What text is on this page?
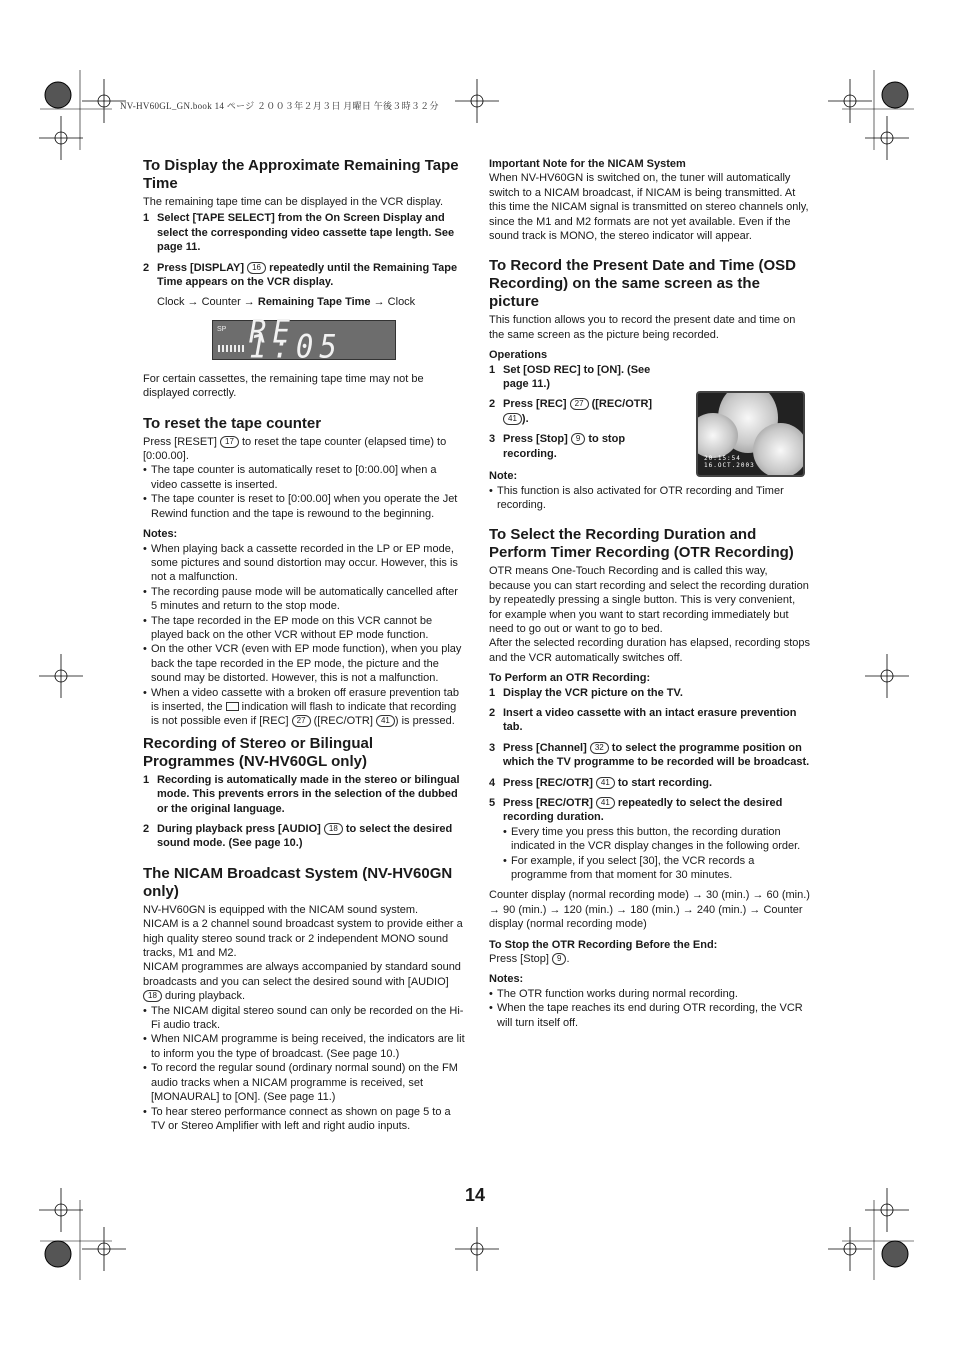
NV-HV60GL_GN.book 14 ページ ２００３年２月３日 月曜日 午後３時３２分
To Display the Approximate Remaining Tape Time

The remaining tape time can be displayed in the VCR display.

1 Select [TAPE SELECT] from the On Screen Display and select the corresponding video cassette tape length. See page 11.
2 Press [DISPLAY] 16 repeatedly until the Remaining Tape Time appears on the VCR display.
Clock → Counter → Remaining Tape Time → Clock
SP RE 1:05

For certain cassettes, the remaining tape time may not be displayed correctly.

To reset the tape counter

Press [RESET] 17 to reset the tape counter (elapsed time) to [0:00.00].

• The tape counter is automatically reset to [0:00.00] when a video cassette is inserted.
• The tape counter is reset to [0:00.00] when you operate the Jet Rewind function and the tape is rewound to the beginning.
Notes:
• When playing back a cassette recorded in the LP or EP mode, some pictures and sound distortion may occur. However, this is not a malfunction.
• The recording pause mode will be automatically cancelled after 5 minutes and return to the stop mode.
• The tape recorded in the EP mode on this VCR cannot be played back on the other VCR without EP mode function.
• On the other VCR (even with EP mode function), when you play back the tape recorded in the EP mode, the picture and the sound may be distorted. However, this is not a malfunction.
• When a video cassette with a broken off erasure prevention tab is inserted, the indication will flash to indicate that recording is not possible even if [REC] 27 ([REC/OTR] 41 ) is pressed.
Recording of Stereo or Bilingual Programmes (NV-HV60GL only)
1 Recording is automatically made in the stereo or bilingual mode. This prevents errors in the selection of the dubbed or the original language.
2 During playback press [AUDIO] 18 to select the desired sound mode. (See page 10.)
The NICAM Broadcast System (NV-HV60GN only)

NV-HV60GN is equipped with the NICAM sound system.

NICAM is a 2 channel sound broadcast system to provide either a high quality stereo sound track or 2 independent MONO sound tracks, M1 and M2.

NICAM programmes are always accompanied by standard sound broadcasts and you can select the desired sound with [AUDIO] 18 during playback.

• The NICAM digital stereo sound can only be recorded on the Hi-Fi audio track.
• When NICAM programme is being received, the indicators are lit to inform you the type of broadcast. (See page 10.)
• To record the regular sound (ordinary normal sound) on the FM audio tracks when a NICAM programme is received, set [MONAURAL] to [ON]. (See page 11.)
• To hear stereo performance connect as shown on page 5 to a TV or Stereo Amplifier with left and right audio inputs.
Important Note for the NICAM System

When NV-HV60GN is switched on, the tuner will automatically switch to a NICAM broadcast, if NICAM is being transmitted. At this time the NICAM signal is transmitted on stereo channels only, since the M1 and M2 formats are not yet available. Even if the sound track is MONO, the stereo indicator will appear.

To Record the Present Date and Time (OSD Recording) on the same screen as the picture

This function allows you to record the present date and time on the same screen as the picture being recorded.

Operations
1 Set [OSD REC] to [ON]. (See page 11.)
2 Press [REC] 27 ([REC/OTR] 41 ).
3 Press [Stop] 9 to stop recording.
Note:
• This function is also activated for OTR recording and Timer recording.
To Select the Recording Duration and Perform Timer Recording (OTR Recording)

OTR means One-Touch Recording and is called this way, because you can start recording and select the recording duration by repeatedly pressing a single button. This is very convenient, for example when you want to start recording immediately but need to go out or want to go to bed.

After the selected recording duration has elapsed, recording stops and the VCR automatically switches off.

To Perform an OTR Recording:
1 Display the VCR picture on the TV.
2 Insert a video cassette with an intact erasure prevention tab.
3 Press [Channel] 32 to select the programme position on which the TV programme to be recorded will be broadcast.
4 Press [REC/OTR] 41 to start recording.
5 Press [REC/OTR] 41 repeatedly to select the desired recording duration.
• Every time you press this button, the recording duration indicated in the VCR display changes in the following order.
• For example, if you select [30], the VCR records a programme from that moment for 30 minutes.

Counter display (normal recording mode) → 30 (min.) → 60 (min.) → 90 (min.) → 120 (min.) → 180 (min.) → 240 (min.) → Counter display (normal recording mode)

To Stop the OTR Recording Before the End:

Press [Stop] 9 .

Notes:
• The OTR function works during normal recording.
• When the tape reaches its end during OTR recording, the VCR will turn itself off.
20:15:54
16.OCT.2003
14
